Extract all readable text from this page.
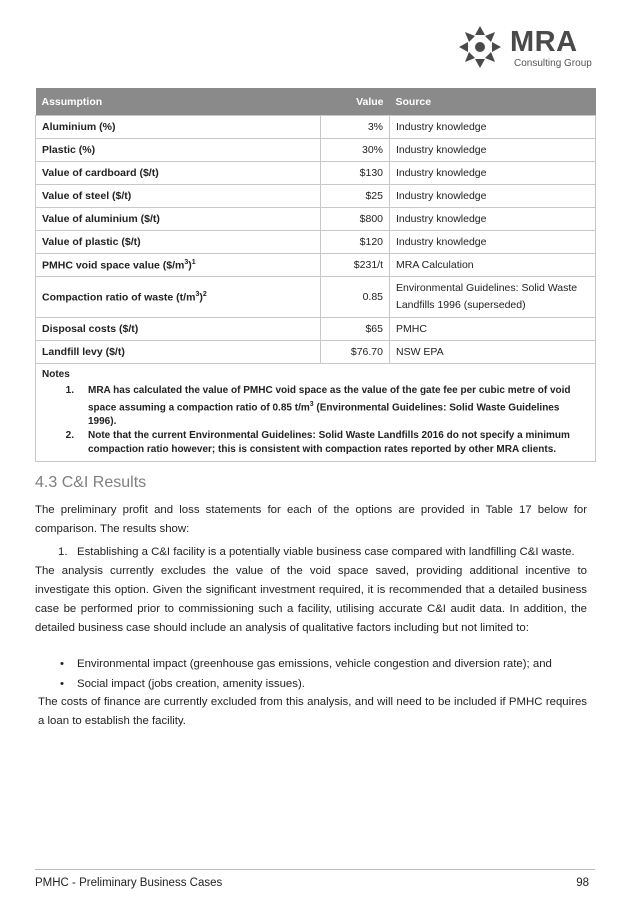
MRA
Consulting Group
Assumption	Value	Source
Aluminium (%)	3%	Industry knowledge
Plastic (%)	30%	Industry knowledge
Value of cardboard ($/t)	$130	Industry knowledge
Value of steel ($/t)	$25	Industry knowledge
Value of aluminium ($/t)	$800	Industry knowledge
Value of plastic ($/t)	$120	Industry knowledge
PMHC void space value $(\$/m^3)^1$	$231/t	MRA Calculation
Compaction ratio of waste $(t/m^3)^2$	0.85	Environmental Guidelines: Solid Waste Landfills 1996 (superseded)
Disposal costs ($/t)	$65	PMHC
Landfill levy ($/t)	$76.70	NSW EPA

Notes
1. MRA has calculated the value of PMHC void space as the value of the gate fee per cubic metre of void space assuming a compaction ratio of 0.85 $t/m^3$ (Environmental Guidelines: Solid Waste Guidelines 1996).
2. Note that the current Environmental Guidelines: Solid Waste Landfills 2016 do not specify a minimum compaction ratio however; this is consistent with compaction rates reported by other MRA clients.		
4.3 C&I Results
The preliminary profit and loss statements for each of the options are provided in Table 17 below for comparison. The results show:
1. Establishing a C&I facility is a potentially viable business case compared with landfilling C&I waste.
The analysis currently excludes the value of the void space saved, providing additional incentive to investigate this option. Given the significant investment required, it is recommended that a detailed business case be performed prior to commissioning such a facility, utilising accurate C&I audit data. In addition, the detailed business case should include an analysis of qualitative factors including but not limited to:
• Environmental impact (greenhouse gas emissions, vehicle congestion and diversion rate); and
• Social impact (jobs creation, amenity issues).
The costs of finance are currently excluded from this analysis, and will need to be included if PMHC requires a loan to establish the facility.
PMHC - Preliminary Business Cases	98
